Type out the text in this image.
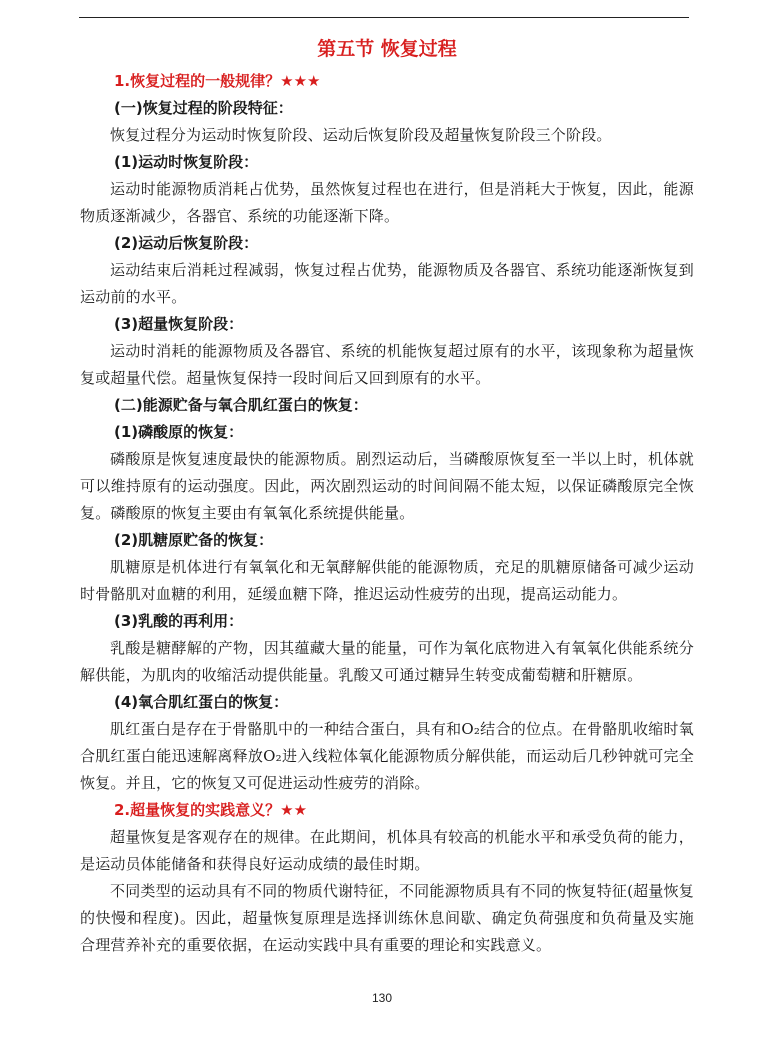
第五节 恢复过程
1.恢复过程的一般规律？★★★
(一)恢复过程的阶段特征：
恢复过程分为运动时恢复阶段、运动后恢复阶段及超量恢复阶段三个阶段。
(1)运动时恢复阶段：
运动时能源物质消耗占优势，虽然恢复过程也在进行，但是消耗大于恢复，因此，能源物质逐渐减少，各器官、系统的功能逐渐下降。
(2)运动后恢复阶段：
运动结束后消耗过程减弱，恢复过程占优势，能源物质及各器官、系统功能逐渐恢复到运动前的水平。
(3)超量恢复阶段：
运动时消耗的能源物质及各器官、系统的机能恢复超过原有的水平，该现象称为超量恢复或超量代偿。超量恢复保持一段时间后又回到原有的水平。
(二)能源贮备与氧合肌红蛋白的恢复：
(1)磷酸原的恢复：
磷酸原是恢复速度最快的能源物质。剧烈运动后，当磷酸原恢复至一半以上时，机体就可以维持原有的运动强度。因此，两次剧烈运动的时间间隔不能太短，以保证磷酸原完全恢复。磷酸原的恢复主要由有氧氧化系统提供能量。
(2)肌糖原贮备的恢复：
肌糖原是机体进行有氧氧化和无氧酵解供能的能源物质，充足的肌糖原储备可减少运动时骨骼肌对血糖的利用，延缓血糖下降，推迟运动性疲劳的出现，提高运动能力。
(3)乳酸的再利用：
乳酸是糖酵解的产物，因其蕴藏大量的能量，可作为氧化底物进入有氧氧化供能系统分解供能，为肌肉的收缩活动提供能量。乳酸又可通过糖异生转变成葡萄糖和肝糖原。
(4)氧合肌红蛋白的恢复：
肌红蛋白是存在于骨骼肌中的一种结合蛋白，具有和O₂结合的位点。在骨骼肌收缩时氧合肌红蛋白能迅速解离释放O₂进入线粒体氧化能源物质分解供能，而运动后几秒钟就可完全恢复。并且，它的恢复又可促进运动性疲劳的消除。
2.超量恢复的实践意义？★★
超量恢复是客观存在的规律。在此期间，机体具有较高的机能水平和承受负荷的能力，是运动员体能储备和获得良好运动成绩的最佳时期。
不同类型的运动具有不同的物质代谢特征，不同能源物质具有不同的恢复特征(超量恢复的快慢和程度)。因此，超量恢复原理是选择训练休息间歇、确定负荷强度和负荷量及实施合理营养补充的重要依据，在运动实践中具有重要的理论和实践意义。
130
